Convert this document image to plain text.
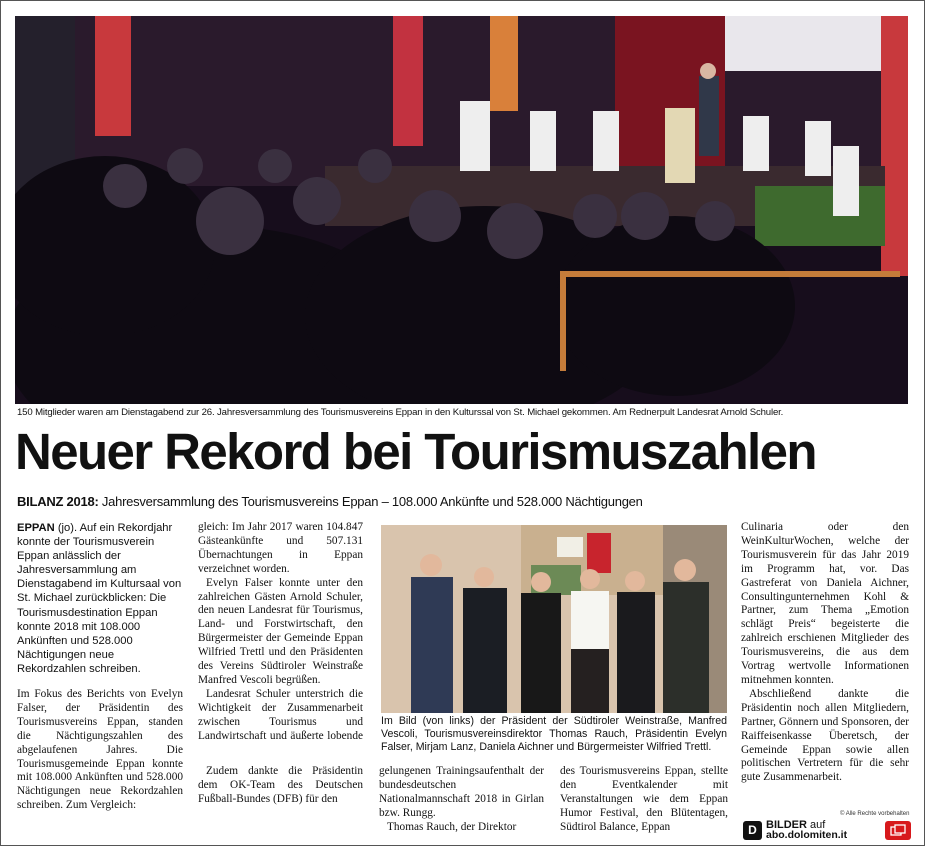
150 Mitglieder waren am Dienstagabend zur 26. Jahresversammlung des Tourismusvereins Eppan in den Kulturssal von St. Michael gekommen. Am Rednerpult Landesrat Arnold Schuler.
Neuer Rekord bei Tourismuszahlen
BILANZ 2018: Jahresversammlung des Tourismusvereins Eppan – 108.000 Ankünfte und 528.000 Nächtigungen

EPPAN (jo). Auf ein Rekordjahr konnte der Tourismusverein Eppan anlässlich der Jahresversammlung am Dienstagabend im Kultursaal von St. Michael zurückblicken: Die Tourismusdestination Eppan konnte 2018 mit 108.000 Ankünften und 528.000 Nächtigungen neue Rekordzahlen schreiben.

Im Fokus des Berichts von Evelyn Falser, der Präsidentin des Tourismusvereins Eppan, standen die Nächtigungszahlen des abgelaufenen Jahres. Die Tourismusgemeinde Eppan konnte mit 108.000 Ankünften und 528.000 Nächtigungen neue Rekordzahlen schreiben. Zum Vergleich:

gleich: Im Jahr 2017 waren 104.847 Gästeankünfte und 507.131 Übernachtungen in Eppan verzeichnet worden.

Evelyn Falser konnte unter den zahlreichen Gästen Arnold Schuler, den neuen Landesrat für Tourismus, Land- und Forstwirtschaft, den Bürgermeister der Gemeinde Eppan Wilfried Trettl und den Präsidenten des Vereins Südtiroler Weinstraße Manfred Vescoli begrüßen.

Landesrat Schuler unterstrich die Wichtigkeit der Zusammenarbeit zwischen Tourismus und Landwirtschaft und äußerte lobende

Im Bild (von links) der Präsident der Südtiroler Weinstraße, Manfred Vescoli, Tourismusvereinsdirektor Thomas Rauch, Präsidentin Evelyn Falser, Mirjam Lanz, Daniela Aichner und Bürgermeister Wilfried Trettl.

Zudem dankte die Präsidentin dem OK-Team des Deutschen Fußball-Bundes (DFB) für den

gelungenen Trainingsaufenthalt der bundesdeutschen Nationalmannschaft 2018 in Girlan bzw. Rungg.

Thomas Rauch, der Direktor

des Tourismusvereins Eppan, stellte den Eventkalender mit Veranstaltungen wie dem Eppan Humor Festival, den Blütentagen, Südtirol Balance, Eppan

Culinaria oder den WeinKulturWochen, welche der Tourismusverein für das Jahr 2019 im Programm hat, vor. Das Gastreferat von Daniela Aichner, Consultingunternehmen Kohl & Partner, zum Thema „Emotion schlägt Preis“ begeisterte die zahlreich erschienen Mitglieder des Tourismusvereins, die aus dem Vortrag wertvolle Informationen mitnehmen konnten.

Abschließend dankte die Präsidentin noch allen Mitgliedern, Partner, Gönnern und Sponsoren, der Raiffeisenkasse Überetsch, der Gemeinde Eppan sowie allen politischen Vertretern für die sehr gute Zusammenarbeit.

© Alle Rechte vorbehalten
D BILDER auf
abo.dolomiten.it
